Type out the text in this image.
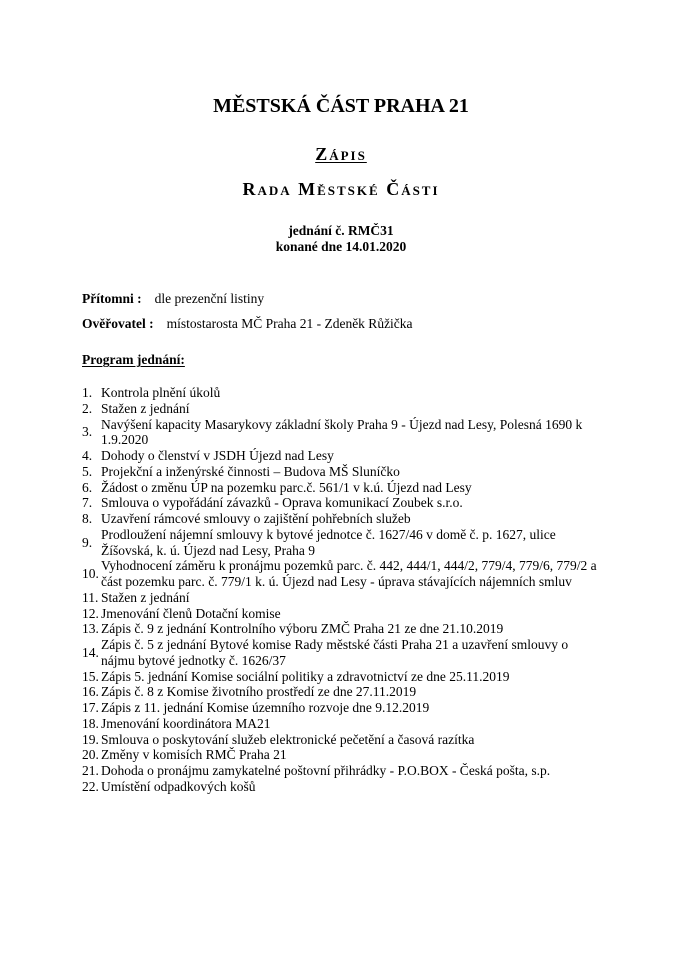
MĚSTSKÁ ČÁST PRAHA 21
Zápis
Rada Městské Části
jednání č. RMČ31
konané dne 14.01.2020
Přítomni : dle prezenční listiny
Ověřovatel : místostarosta MČ Praha 21 - Zdeněk Růžička
Program jednání:
1. Kontrola plnění úkolů
2. Stažen z jednání
3.
Navýšení kapacity Masarykovy základní školy Praha 9 - Újezd nad Lesy, Polesná 1690 k 1.9.2020
4. Dohody o členství v JSDH Újezd nad Lesy
5. Projekční a inženýrské činnosti – Budova MŠ Sluníčko
6. Žádost o změnu ÚP na pozemku parc.č. 561/1 v k.ú. Újezd nad Lesy
7. Smlouva o vypořádání závazků - Oprava komunikací Zoubek s.r.o.
8. Uzavření rámcové smlouvy o zajištění pohřebních služeb
9.
Prodloužení nájemní smlouvy k bytové jednotce č. 1627/46 v domě č. p. 1627, ulice Žíšovská, k. ú. Újezd nad Lesy, Praha 9
10.
Vyhodnocení záměru k pronájmu pozemků parc. č. 442, 444/1, 444/2, 779/4, 779/6, 779/2 a část pozemku parc. č. 779/1 k. ú. Újezd nad Lesy - úprava stávajících nájemních smluv
11. Stažen z jednání
12. Jmenování členů Dotační komise
13. Zápis č. 9 z jednání Kontrolního výboru ZMČ Praha 21 ze dne 21.10.2019
14.
Zápis č. 5 z jednání Bytové komise Rady městské části Praha 21 a uzavření smlouvy o nájmu bytové jednotky č. 1626/37
15. Zápis 5. jednání Komise sociální politiky a zdravotnictví ze dne 25.11.2019
16. Zápis č. 8 z Komise životního prostředí ze dne 27.11.2019
17. Zápis z 11. jednání Komise územního rozvoje dne 9.12.2019
18. Jmenování koordinátora MA21
19. Smlouva o poskytování služeb elektronické pečetění a časová razítka
20. Změny v komisích RMČ Praha 21
21. Dohoda o pronájmu zamykatelné poštovní přihrádky - P.O.BOX - Česká pošta, s.p.
22. Umístění odpadkových košů
